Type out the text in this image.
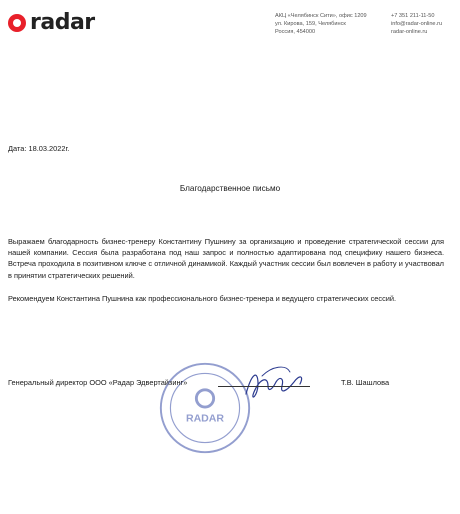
radar	АКЦ «Челябинск Сити», офис 1209
ул. Кирова, 159, Челябинск
Россия, 454000
+7 351 211-11-50
info@radar-online.ru
radar-online.ru
Дата: 18.03.2022г.
Благодарственное письмо
Выражаем благодарность бизнес-тренеру Константину Пушнину за организацию и проведение стратегической сессии для нашей компании. Сессия была разработана под наш запрос и полностью адаптирована под специфику нашего бизнеса. Встреча проходила в позитивном ключе с отличной динамикой. Каждый участник сессии был вовлечен в работу и участвовал в принятии стратегических решений.
Рекомендуем Константина Пушнина как профессионального бизнес-тренера и ведущего стратегических сессий.
RADAR
Генеральный директор ООО «Радар Эдвертайзинг»	Т.В. Шашлова
